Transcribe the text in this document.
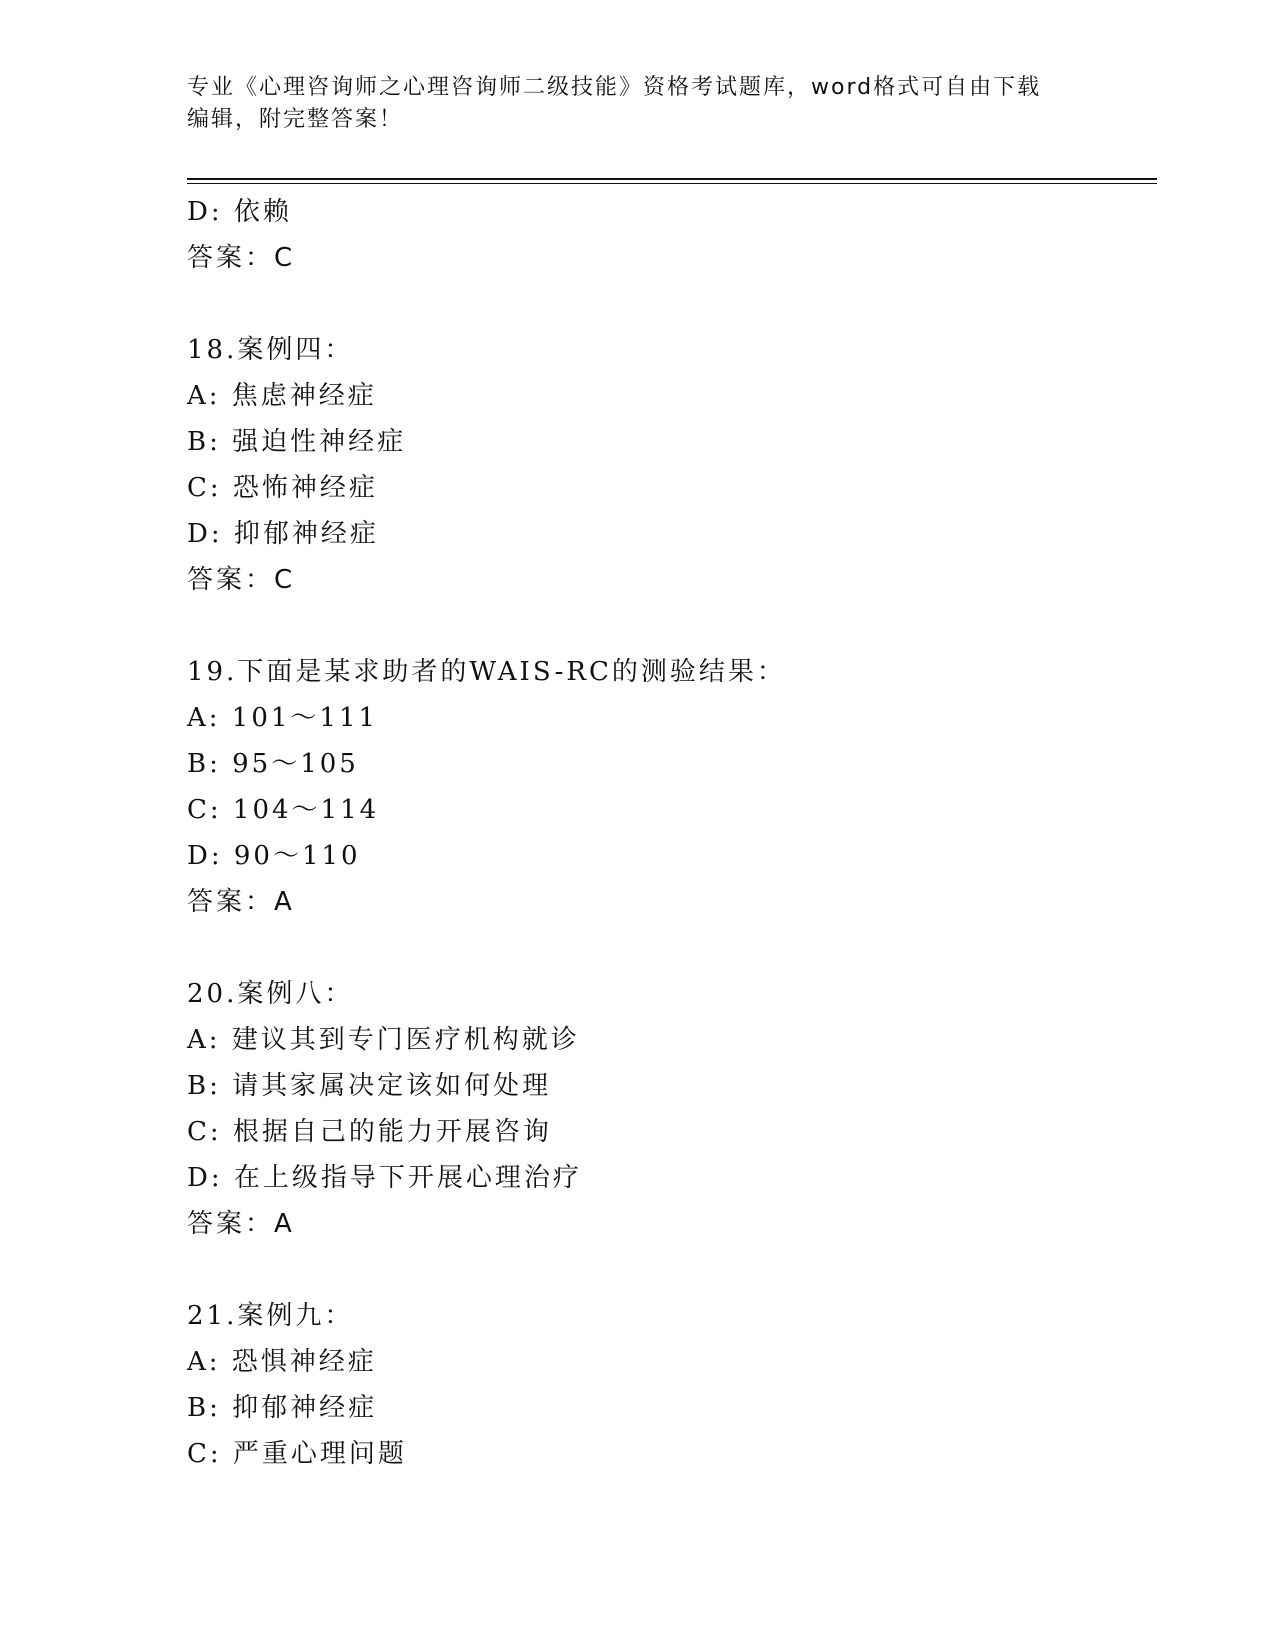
专业《心理咨询师之心理咨询师二级技能》资格考试题库，word格式可自由下载

编辑，附完整答案！

D: 依赖
答案：C
18.案例四：
A: 焦虑神经症
B: 强迫性神经症
C: 恐怖神经症
D: 抑郁神经症
答案：C
19.下面是某求助者的WAIS-RC的测验结果：
A: 101～111
B: 95～105
C: 104～114
D: 90～110
答案：A
20.案例八：
A: 建议其到专门医疗机构就诊
B: 请其家属决定该如何处理
C: 根据自己的能力开展咨询
D: 在上级指导下开展心理治疗
答案：A
21.案例九：
A: 恐惧神经症
B: 抑郁神经症
C: 严重心理问题
